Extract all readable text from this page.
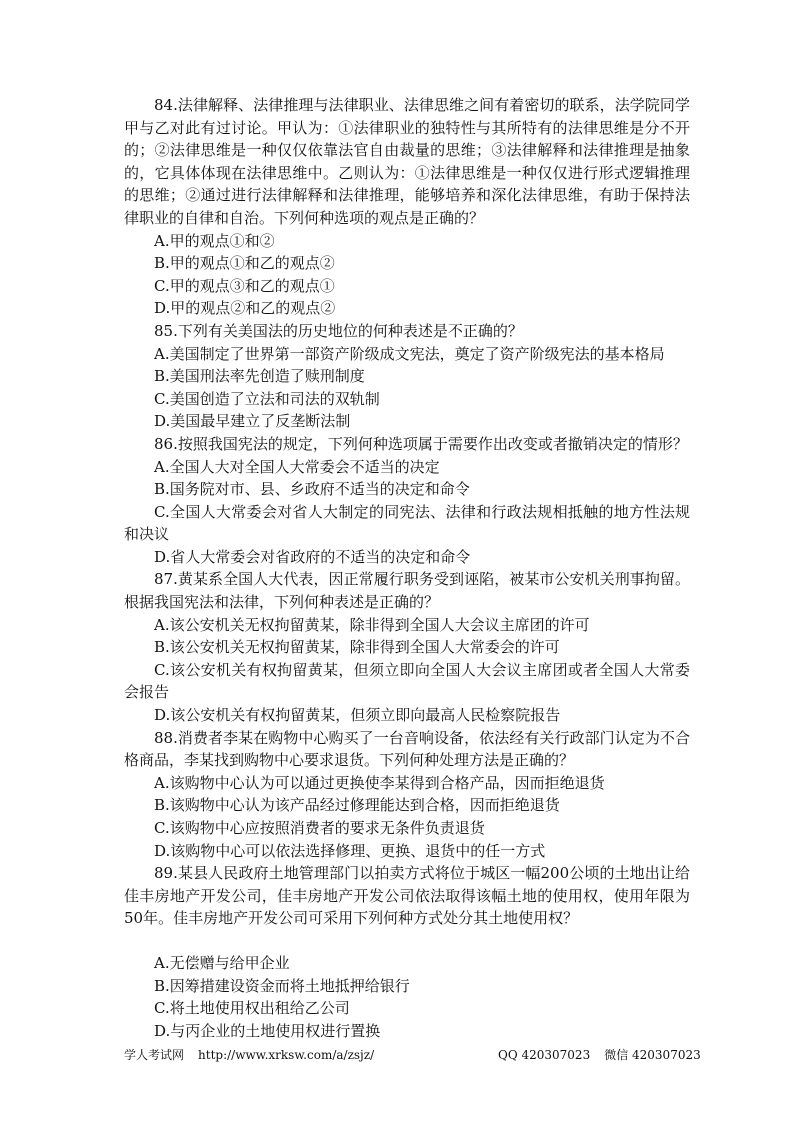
84.法律解释、法律推理与法律职业、法律思维之间有着密切的联系，法学院同学甲与乙对此有过讨论。甲认为：①法律职业的独特性与其所特有的法律思维是分不开的；②法律思维是一种仅仅依靠法官自由裁量的思维；③法律解释和法律推理是抽象的，它具体体现在法律思维中。乙则认为：①法律思维是一种仅仅进行形式逻辑推理的思维；②通过进行法律解释和法律推理，能够培养和深化法律思维，有助于保持法律职业的自律和自治。下列何种选项的观点是正确的？
A.甲的观点①和②
B.甲的观点①和乙的观点②
C.甲的观点③和乙的观点①
D.甲的观点②和乙的观点②
85.下列有关美国法的历史地位的何种表述是不正确的？
A.美国制定了世界第一部资产阶级成文宪法，奠定了资产阶级宪法的基本格局
B.美国刑法率先创造了赎刑制度
C.美国创造了立法和司法的双轨制
D.美国最早建立了反垄断法制
86.按照我国宪法的规定，下列何种选项属于需要作出改变或者撤销决定的情形？
A.全国人大对全国人大常委会不适当的决定
B.国务院对市、县、乡政府不适当的决定和命令
C.全国人大常委会对省人大制定的同宪法、法律和行政法规相抵触的地方性法规和决议
D.省人大常委会对省政府的不适当的决定和命令
87.黄某系全国人大代表，因正常履行职务受到诬陷，被某市公安机关刑事拘留。根据我国宪法和法律，下列何种表述是正确的？
A.该公安机关无权拘留黄某，除非得到全国人大会议主席团的许可
B.该公安机关无权拘留黄某，除非得到全国人大常委会的许可
C.该公安机关有权拘留黄某，但须立即向全国人大会议主席团或者全国人大常委会报告
D.该公安机关有权拘留黄某，但须立即向最高人民检察院报告
88.消费者李某在购物中心购买了一台音响设备，依法经有关行政部门认定为不合格商品，李某找到购物中心要求退货。下列何种处理方法是正确的？
A.该购物中心认为可以通过更换使李某得到合格产品，因而拒绝退货
B.该购物中心认为该产品经过修理能达到合格，因而拒绝退货
C.该购物中心应按照消费者的要求无条件负责退货
D.该购物中心可以依法选择修理、更换、退货中的任一方式
89.某县人民政府土地管理部门以拍卖方式将位于城区一幅200公顷的土地出让给佳丰房地产开发公司，佳丰房地产开发公司依法取得该幅土地的使用权，使用年限为50年。佳丰房地产开发公司可采用下列何种方式处分其土地使用权？
A.无偿赠与给甲企业
B.因筹措建设资金而将土地抵押给银行
C.将土地使用权出租给乙公司
D.与丙企业的土地使用权进行置换
学人考试网 http://www.xrksw.com/a/zsjz/	QQ 420307023 微信 420307023
